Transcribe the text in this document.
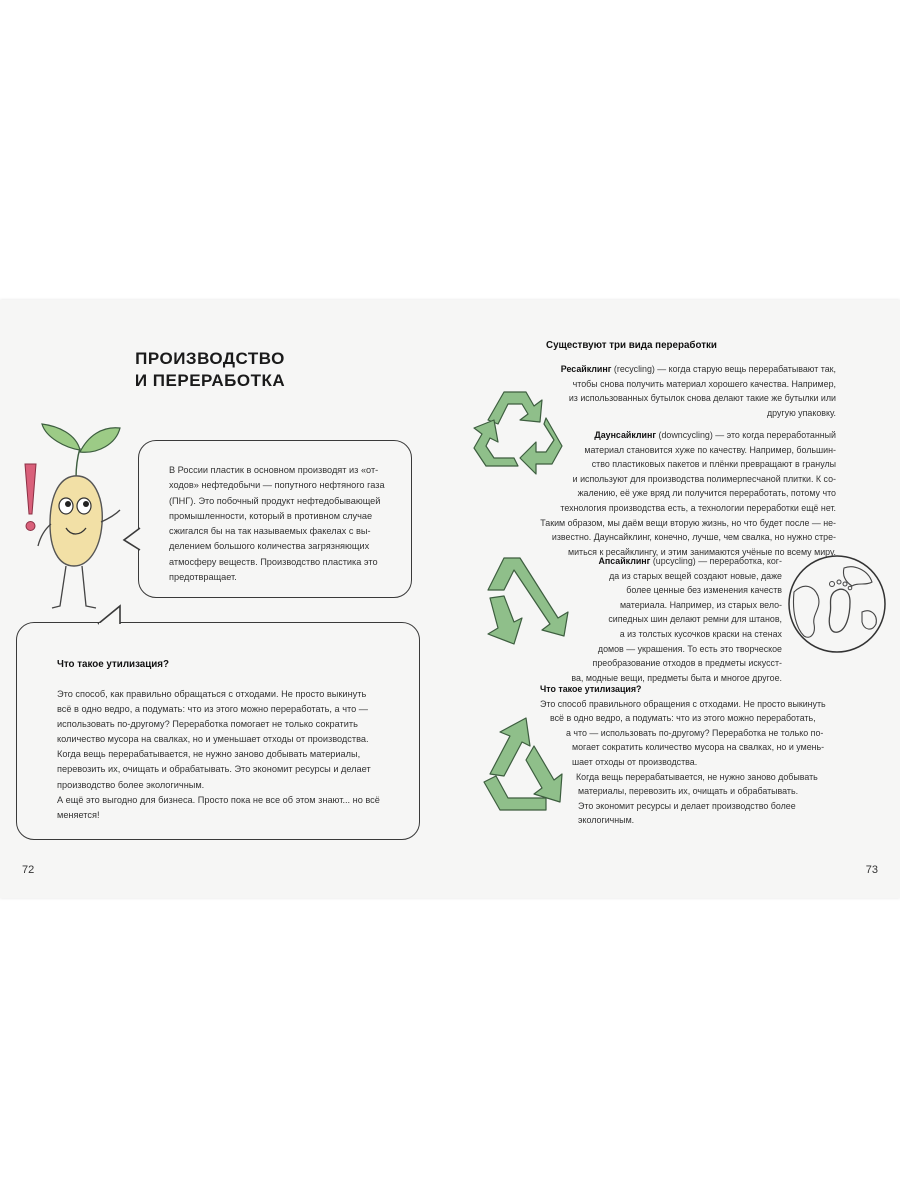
ПРОИЗВОДСТВО
И ПЕРЕРАБОТКА
В России пластик в основном производят из «от-
ходов» нефтедобычи — попутного нефтяного газа
(ПНГ). Это побочный продукт нефтедобывающей
промышленности, который в противном случае
сжигался бы на так называемых факелах с вы-
делением большого количества загрязняющих
атмосферу веществ. Производство пластика это
предотвращает.
Что такое утилизация?
Это способ, как правильно обращаться с отходами. Не просто выкинуть
всё в одно ведро, а подумать: что из этого можно переработать, а что —
использовать по-другому? Переработка помогает не только сократить
количество мусора на свалках, но и уменьшает отходы от производства.
Когда вещь перерабатывается, не нужно заново добывать материалы,
перевозить их, очищать и обрабатывать. Это экономит ресурсы и делает
производство более экологичным.
А ещё это выгодно для бизнеса. Просто пока не все об этом знают... но всё
меняется!
72
Существуют три вида переработки
Ресайклинг (recycling) — когда старую вещь перерабатывают так,
чтобы снова получить материал хорошего качества. Например,
из использованных бутылок снова делают такие же бутылки или
другую упаковку.
Даунсайклинг (downcycling) — это когда переработанный
материал становится хуже по качеству. Например, большин-
ство пластиковых пакетов и плёнки превращают в гранулы
и используют для производства полимерпесчаной плитки. К со-
жалению, её уже вряд ли получится переработать, потому что
технология производства есть, а технологии переработки ещё нет.
Таким образом, мы даём вещи вторую жизнь, но что будет после — не-
известно. Даунсайклинг, конечно, лучше, чем свалка, но нужно стре-
миться к ресайклингу, и этим занимаются учёные по всему миру.
Апсайклинг (upcycling) — переработка, ког-
да из старых вещей создают новые, даже
более ценные без изменения качеств
материала. Например, из старых вело-
сипедных шин делают ремни для штанов,
а из толстых кусочков краски на стенах
домов — украшения. То есть это творческое
преобразование отходов в предметы искусст-
ва, модные вещи, предметы быта и многое другое.
Что такое утилизация?
Это способ правильного обращения с отходами. Не просто выкинуть
всё в одно ведро, а подумать: что из этого можно переработать,
а что — использовать по-другому? Переработка не только по-
могает сократить количество мусора на свалках, но и умень-
шает отходы от производства.
Когда вещь перерабатывается, не нужно заново добывать
материалы, перевозить их, очищать и обрабатывать.
Это экономит ресурсы и делает производство более
экологичным.
73
